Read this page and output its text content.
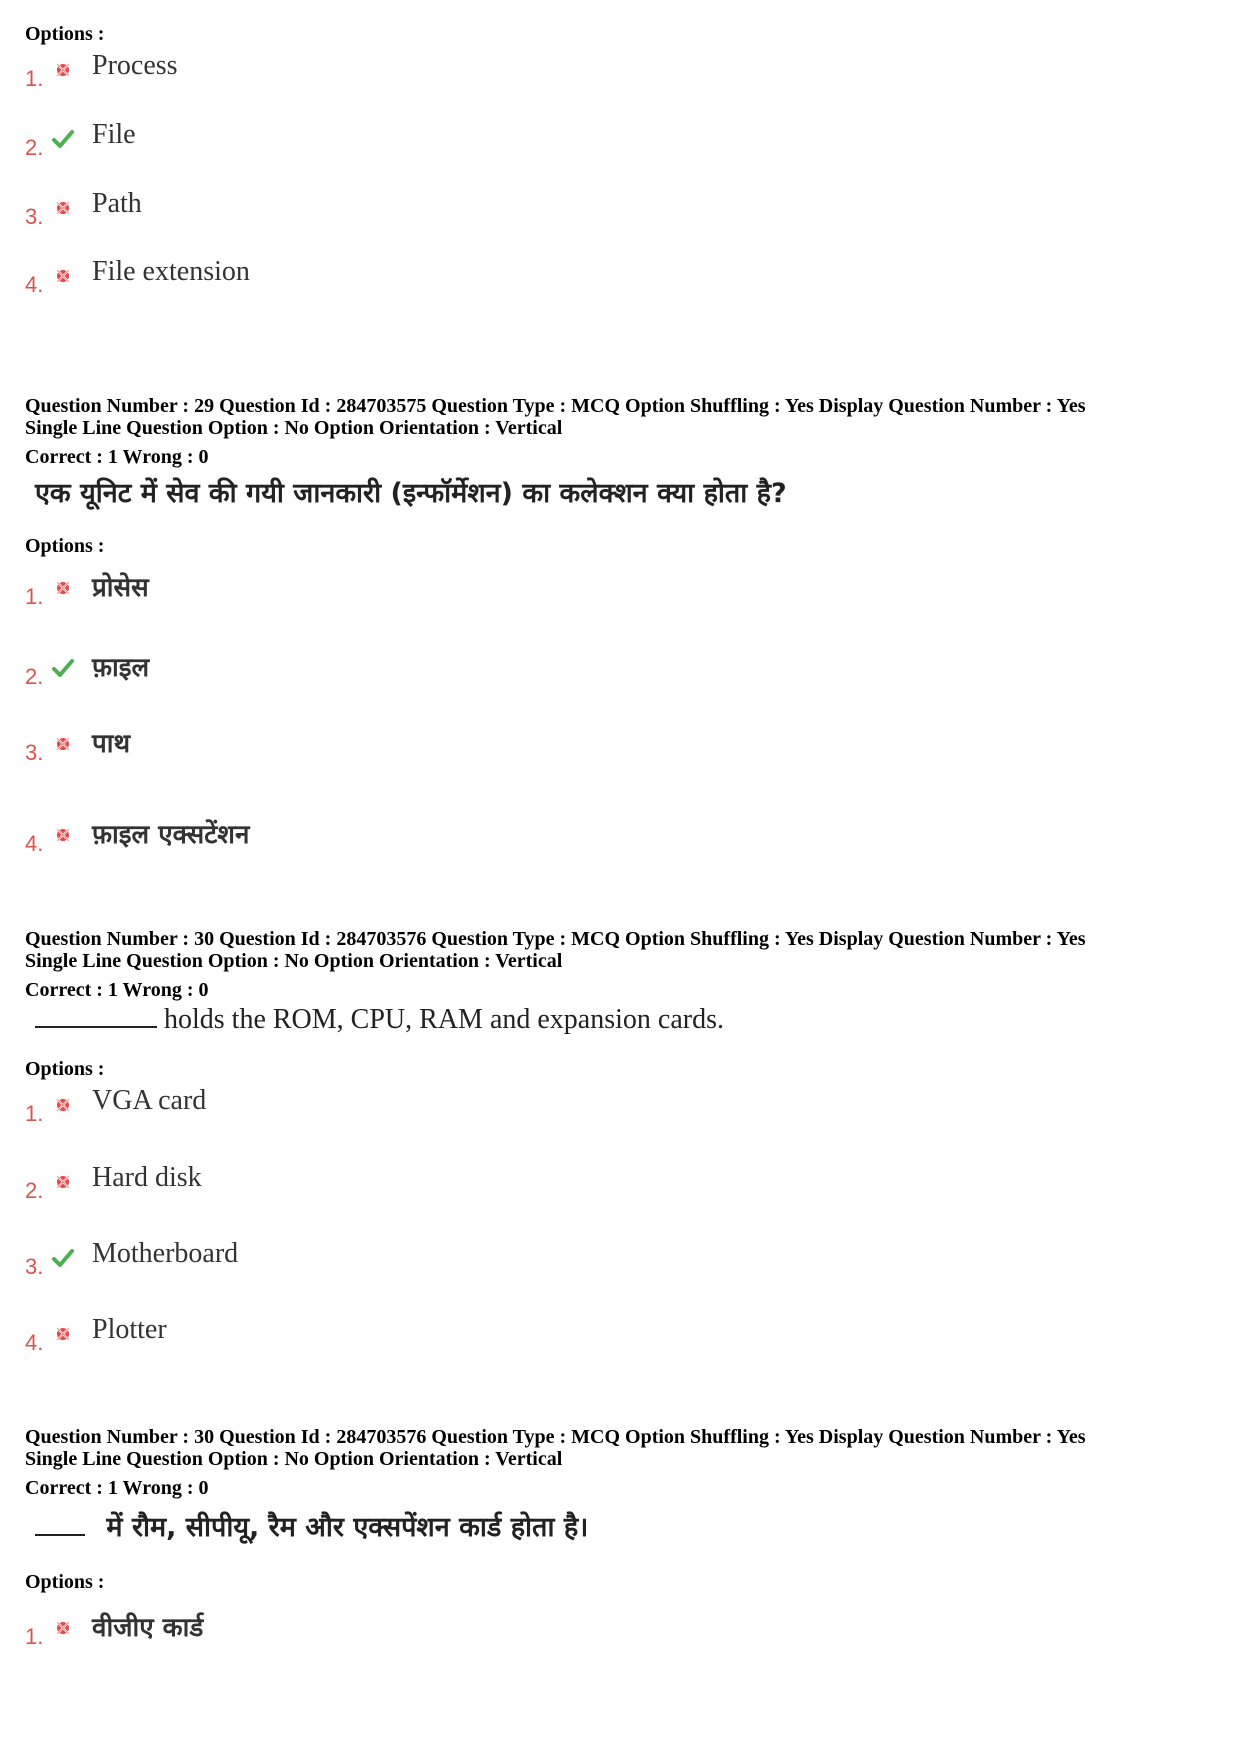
Options :

1. Process
2. File
3. Path
4. File extension

Question Number : 29 Question Id : 284703575 Question Type : MCQ Option Shuffling : Yes Display Question Number : Yes

Single Line Question Option : No Option Orientation : Vertical

Correct : 1 Wrong : 0

एक यूनिट में सेव की गयी जानकारी (इन्फॉर्मेशन) का कलेक्शन क्या होता है?

Options :

1. प्रोसेस
2. फ़ाइल
3. पाथ
4. फ़ाइल एक्सटेंशन

Question Number : 30 Question Id : 284703576 Question Type : MCQ Option Shuffling : Yes Display Question Number : Yes

Single Line Question Option : No Option Orientation : Vertical

Correct : 1 Wrong : 0

holds the ROM, CPU, RAM and expansion cards.

Options :

1. VGA card
2. Hard disk
3. Motherboard
4. Plotter

Question Number : 30 Question Id : 284703576 Question Type : MCQ Option Shuffling : Yes Display Question Number : Yes

Single Line Question Option : No Option Orientation : Vertical

Correct : 1 Wrong : 0

में रौम, सीपीयू, रैम और एक्सपेंशन कार्ड होता है।

Options :

1. वीजीए कार्ड
